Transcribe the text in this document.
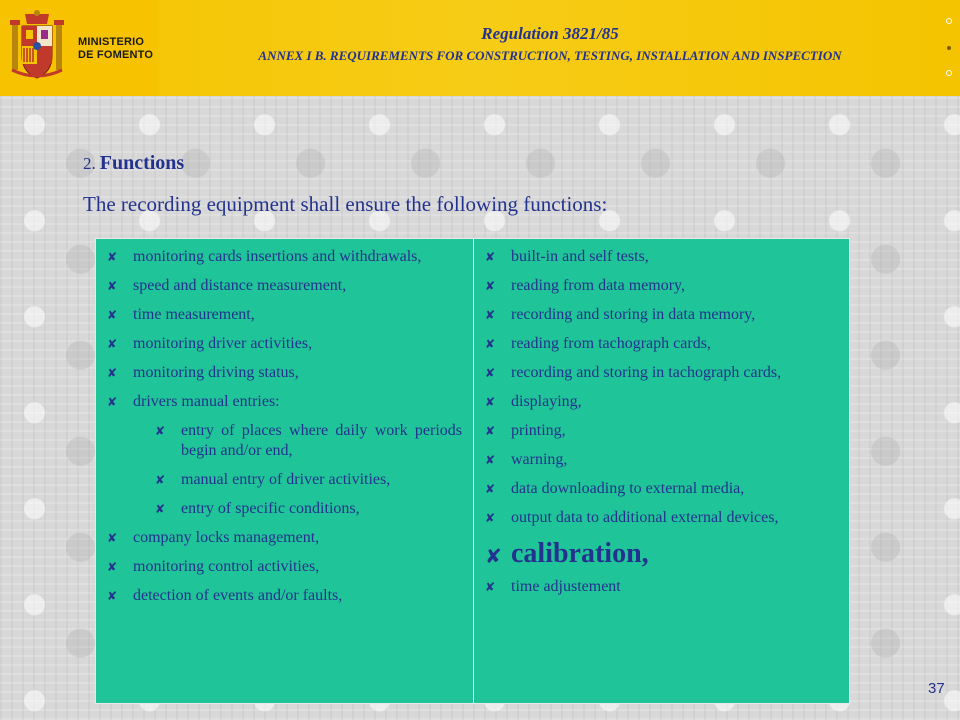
MINISTERIO
DE FOMENTO
Regulation 3821/85
ANNEX I B. REQUIREMENTS FOR CONSTRUCTION, TESTING, INSTALLATION AND INSPECTION
2. Functions
The recording equipment shall ensure the following functions:
✘ monitoring cards insertions and withdrawals,
✘ speed and distance measurement,
✘ time measurement,
✘ monitoring driver activities,
✘ monitoring driving status,
✘ drivers manual entries:
✘ entry of places where daily work periods begin and/or end,
✘ manual entry of driver activities,
✘ entry of specific conditions,
✘ company locks management,
✘ monitoring control activities,
✘ detection of events and/or faults,
✘ built-in and self tests,
✘ reading from data memory,
✘ recording and storing in data memory,
✘ reading from tachograph cards,
✘ recording and storing in tachograph cards,
✘ displaying,
✘ printing,
✘ warning,
✘ data downloading to external media,
✘ output data to additional external devices,
✘ calibration,
✘ time adjustement
37
